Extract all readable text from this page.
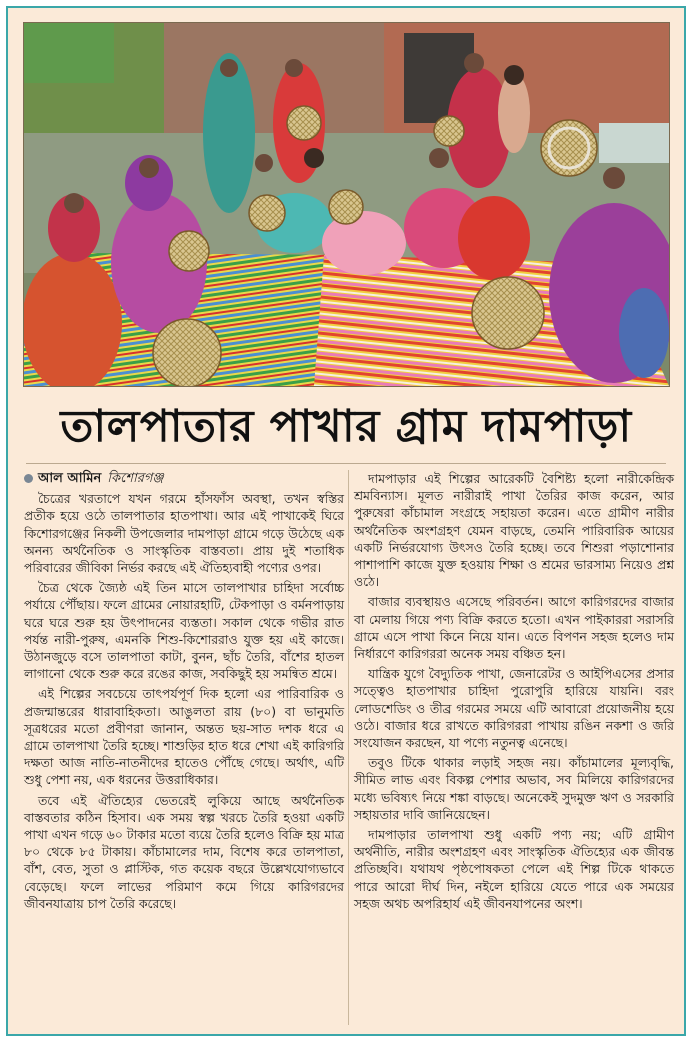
তালপাতার পাখার গ্রাম দামপাড়া
আল আমিন কিশোরগঞ্জ

চৈত্রের খরতাপে যখন গরমে হাঁসফাঁস অবস্থা, তখন স্বস্তির প্রতীক হয়ে ওঠে তালপাতার হাতপাখা। আর এই পাখাকেই ঘিরে কিশোরগঞ্জের নিকলী উপজেলার দামপাড়া গ্রামে গড়ে উঠেছে এক অনন্য অর্থনৈতিক ও সাংস্কৃতিক বাস্তবতা। প্রায় দুই শতাধিক পরিবারের জীবিকা নির্ভর করছে এই ঐতিহ্যবাহী পণ্যের ওপর।

চৈত্র থেকে জ্যৈষ্ঠ এই তিন মাসে তালপাখার চাহিদা সর্বোচ্চ পর্যায়ে পৌঁছায়। ফলে গ্রামের নোয়ারহাটি, টেকপাড়া ও বর্মনপাড়ায় ঘরে ঘরে শুরু হয় উৎপাদনের ব্যস্ততা। সকাল থেকে গভীর রাত পর্যন্ত নারী-পুরুষ, এমনকি শিশু-কিশোররাও যুক্ত হয় এই কাজে। উঠানজুড়ে বসে তালপাতা কাটা, বুনন, ছাঁচ তৈরি, বাঁশের হাতল লাগানো থেকে শুরু করে রঙের কাজ, সবকিছুই হয় সমন্বিত শ্রমে।

এই শিল্পের সবচেয়ে তাৎপর্যপূর্ণ দিক হলো এর পারিবারিক ও প্রজন্মান্তরের ধারাবাহিকতা। আঙুলতা রায় (৮০) বা ভানুমতি সূত্রধরের মতো প্রবীণরা জানান, অন্তত ছয়-সাত দশক ধরে এ গ্রামে তালপাখা তৈরি হচ্ছে। শাশুড়ির হাত ধরে শেখা এই কারিগরি দক্ষতা আজ নাতি-নাতনীদের হাতেও পৌঁছে গেছে। অর্থাৎ, এটি শুধু পেশা নয়, এক ধরনের উত্তরাধিকার।

তবে এই ঐতিহ্যের ভেতরেই লুকিয়ে আছে অর্থনৈতিক বাস্তবতার কঠিন হিসাব। এক সময় স্বল্প খরচে তৈরি হওয়া একটি পাখা এখন গড়ে ৬০ টাকার মতো ব্যয়ে তৈরি হলেও বিক্রি হয় মাত্র ৮০ থেকে ৮৫ টাকায়। কাঁচামালের দাম, বিশেষ করে তালপাতা, বাঁশ, বেত, সুতা ও প্লাস্টিক, গত কয়েক বছরে উল্লেখযোগ্যভাবে বেড়েছে। ফলে লাভের পরিমাণ কমে গিয়ে কারিগরদের জীবনযাত্রায় চাপ তৈরি করেছে।

দামপাড়ার এই শিল্পের আরেকটি বৈশিষ্ট্য হলো নারীকেন্দ্রিক শ্রমবিন্যাস। মূলত নারীরাই পাখা তৈরির কাজ করেন, আর পুরুষেরা কাঁচামাল সংগ্রহে সহায়তা করেন। এতে গ্রামীণ নারীর অর্থনৈতিক অংশগ্রহণ যেমন বাড়ছে, তেমনি পারিবারিক আয়ের একটি নির্ভরযোগ্য উৎসও তৈরি হচ্ছে। তবে শিশুরা পড়াশোনার পাশাপাশি কাজে যুক্ত হওয়ায় শিক্ষা ও শ্রমের ভারসাম্য নিয়েও প্রশ্ন ওঠে।

বাজার ব্যবস্থায়ও এসেছে পরিবর্তন। আগে কারিগরদের বাজার বা মেলায় গিয়ে পণ্য বিক্রি করতে হতো। এখন পাইকাররা সরাসরি গ্রামে এসে পাখা কিনে নিয়ে যান। এতে বিপণন সহজ হলেও দাম নির্ধারণে কারিগররা অনেক সময় বঞ্চিত হন।

যান্ত্রিক যুগে বৈদ্যুতিক পাখা, জেনারেটর ও আইপিএসের প্রসার সত্ত্বেও হাতপাখার চাহিদা পুরোপুরি হারিয়ে যায়নি। বরং লোডশেডিং ও তীব্র গরমের সময়ে এটি আবারো প্রয়োজনীয় হয়ে ওঠে। বাজার ধরে রাখতে কারিগররা পাখায় রঙিন নকশা ও জরি সংযোজন করছেন, যা পণ্যে নতুনত্ব এনেছে।

তবুও টিকে থাকার লড়াই সহজ নয়। কাঁচামালের মূল্যবৃদ্ধি, সীমিত লাভ এবং বিকল্প পেশার অভাব, সব মিলিয়ে কারিগরদের মধ্যে ভবিষ্যৎ নিয়ে শঙ্কা বাড়ছে। অনেকেই সুদমুক্ত ঋণ ও সরকারি সহায়তার দাবি জানিয়েছেন।

দামপাড়ার তালপাখা শুধু একটি পণ্য নয়; এটি গ্রামীণ অর্থনীতি, নারীর অংশগ্রহণ এবং সাংস্কৃতিক ঐতিহ্যের এক জীবন্ত প্রতিচ্ছবি। যথাযথ পৃষ্ঠপোষকতা পেলে এই শিল্প টিকে থাকতে পারে আরো দীর্ঘ দিন, নইলে হারিয়ে যেতে পারে এক সময়ের সহজ অথচ অপরিহার্য এই জীবনযাপনের অংশ।
